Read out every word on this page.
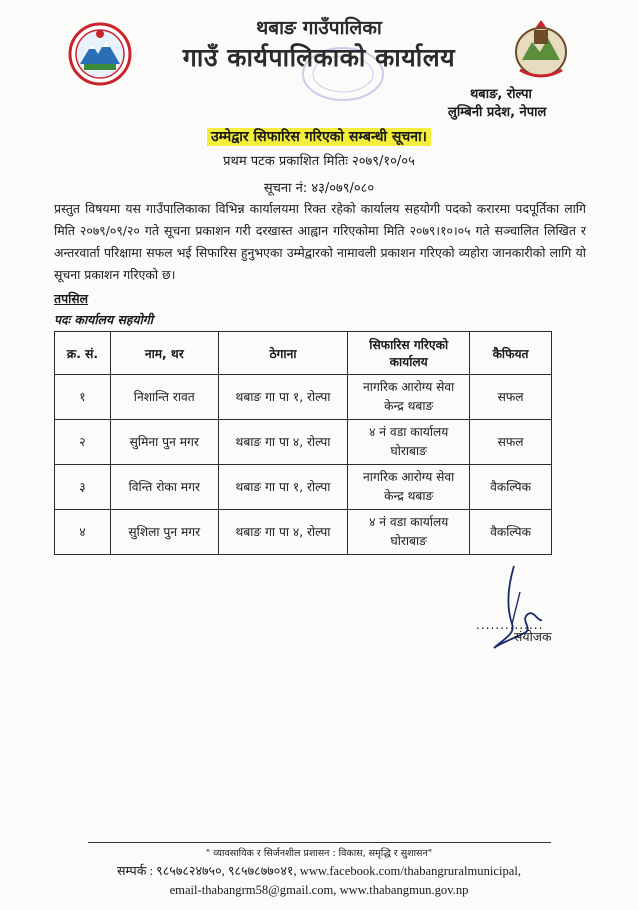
थबाङ गाउँपालिका
गाउँ कार्यपालिकाको कार्यालय
थबाङ, रोल्पा
लुम्बिनी प्रदेश, नेपाल
उम्मेद्वार सिफारिस गरिएको सम्बन्धी सूचना।
प्रथम पटक प्रकाशित मितिः २०७९/१०/०५
सूचना नं: ४३/०७९/०८०
प्रस्तुत विषयमा यस गाउँपालिकाका विभिन्न कार्यालयमा रिक्त रहेको कार्यालय सहयोगी पदको करारमा पदपूर्तिका लागि मिति २०७९/०९/२० गते सूचना प्रकाशन गरी दरखास्त आह्वान गरिएकोमा मिति २०७९।१०।०५ गते सञ्चालित लिखित र अन्तरवार्ता परिक्षामा सफल भई सिफारिस हुनुभएका उम्मेद्वारको नामावली प्रकाशन गरिएको व्यहोरा जानकारीको लागि यो सूचना प्रकाशन गरिएको छ।
तपसिल
पदः कार्यालय सहयोगी
क्र. सं.	नाम, थर	ठेगाना	सिफारिस गरिएको कार्यालय	कैफियत
१	निशान्ति रावत	थबाङ गा पा १, रोल्पा	नागरिक आरोग्य सेवा
केन्द्र थबाङ	सफल
२	सुमिना पुन मगर	थबाङ गा पा ४, रोल्पा	४ नं वडा कार्यालय
घोराबाङ	सफल
३	विन्ति रोका मगर	थबाङ गा पा १, रोल्पा	नागरिक आरोग्य सेवा
केन्द्र थबाङ	वैकल्पिक
४	सुशिला पुन मगर	थबाङ गा पा ४, रोल्पा	४ नं वडा कार्यालय
घोराबाङ	वैकल्पिक
..............
संयोजक
" व्यावसायिक र सिर्जनशील प्रशासन : विकास, समृद्धि र सुशासन"
सम्पर्क : ९८५७८२४७५०, ९८५७८७७०४१, www.facebook.com/thabangruralmunicipal,
email-thabangrm58@gmail.com, www.thabangmun.gov.np
